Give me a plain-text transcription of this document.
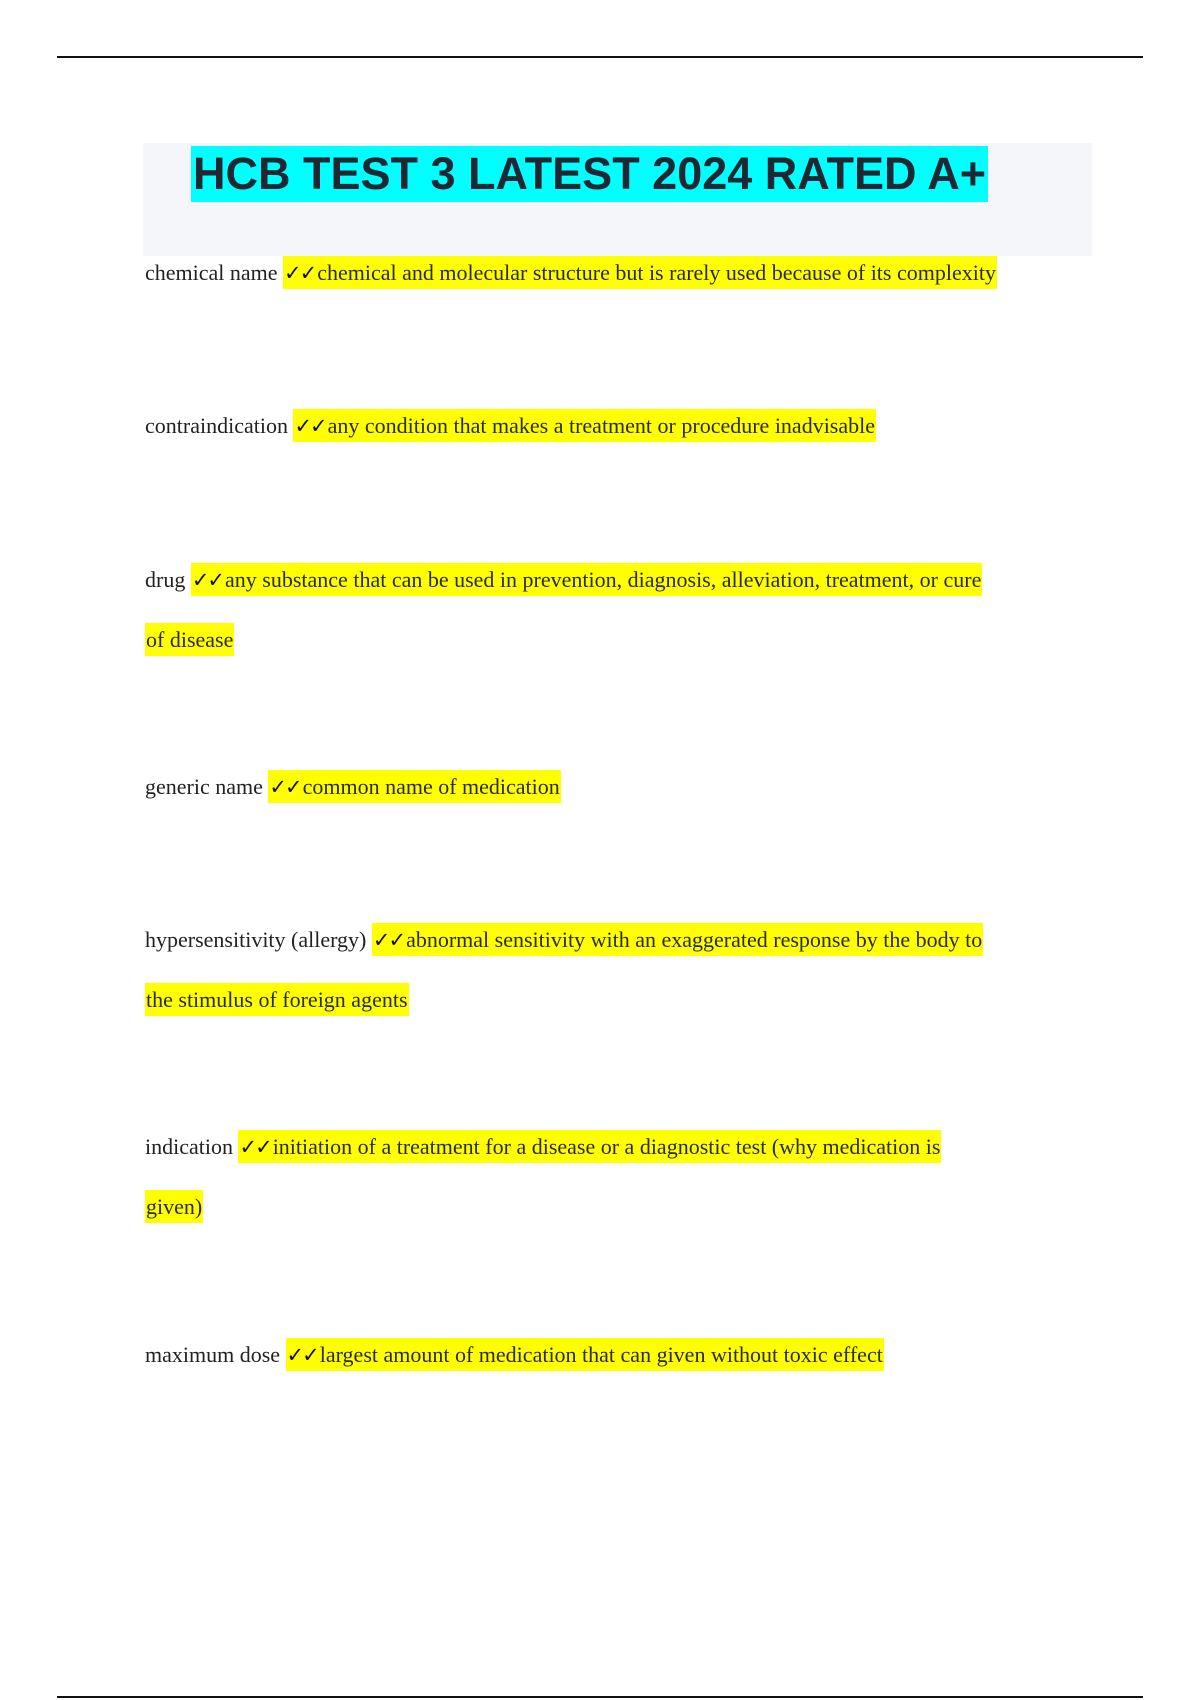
HCB TEST 3 LATEST 2024 RATED A+
chemical name ✓✓chemical and molecular structure but is rarely used because of its complexity
contraindication ✓✓any condition that makes a treatment or procedure inadvisable
drug ✓✓any substance that can be used in prevention, diagnosis, alleviation, treatment, or cure
of disease
generic name ✓✓common name of medication
hypersensitivity (allergy) ✓✓abnormal sensitivity with an exaggerated response by the body to
the stimulus of foreign agents
indication ✓✓initiation of a treatment for a disease or a diagnostic test (why medication is
given)
maximum dose ✓✓largest amount of medication that can given without toxic effect
